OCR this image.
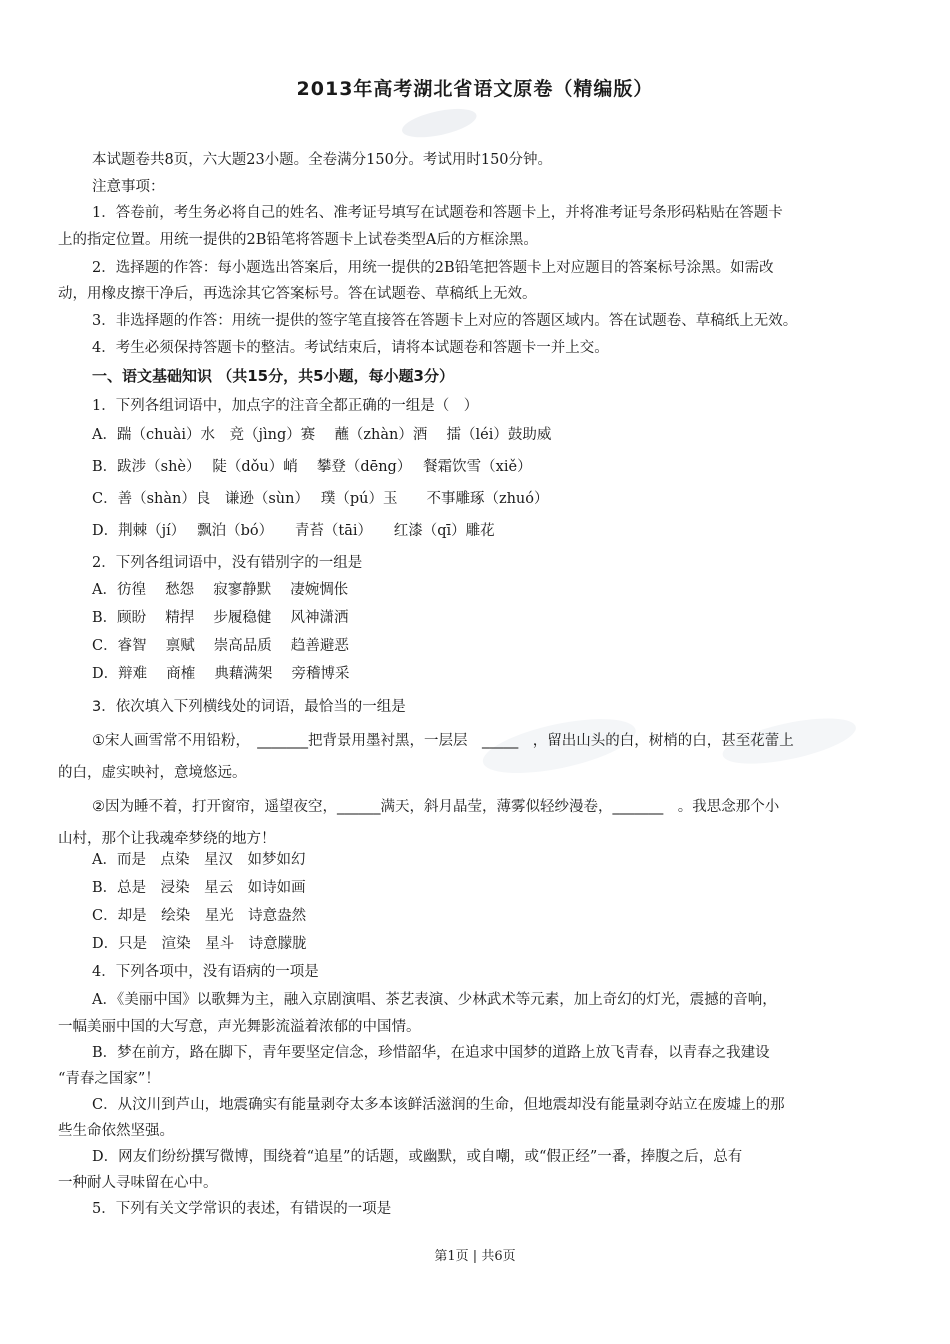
2013年高考湖北省语文原卷（精编版）
本试题卷共8页，六大题23小题。全卷满分150分。考试用时150分钟。
注意事项：
1．答卷前，考生务必将自己的姓名、准考证号填写在试题卷和答题卡上，并将准考证号条形码粘贴在答题卡
上的指定位置。用统一提供的2B铅笔将答题卡上试卷类型A后的方框涂黑。
2．选择题的作答：每小题选出答案后，用统一提供的2B铅笔把答题卡上对应题目的答案标号涂黑。如需改
动，用橡皮擦干净后，再选涂其它答案标号。答在试题卷、草稿纸上无效。
3．非选择题的作答：用统一提供的签字笔直接答在答题卡上对应的答题区域内。答在试题卷、草稿纸上无效。
4．考生必须保持答题卡的整洁。考试结束后，请将本试题卷和答题卡一并上交。
一、语文基础知识 （共15分，共5小题，每小题3分）
1．下列各组词语中，加点字的注音全都正确的一组是（　）
A．踹（chuài）水　竞（jìng）赛　 蘸（zhàn）酒　 擂（léi）鼓助威
B．跋涉（shè）　 陡（dǒu）峭　 攀登（dēng）　 餐霜饮雪（xiě）
C．善（shàn）良　谦逊（sùn）　 璞（pú）玉　　不事雕琢（zhuó）
D．荆棘（jí）　 飘泊（bó）　　青苔（tāi）　　红漆（qī）雕花
2．下列各组词语中，没有错别字的一组是
A．彷徨　 愁怨　 寂寥静默　 凄婉惆伥
B．顾盼　 精捍　 步履稳健　 风神潇洒
C．睿智　 禀赋　 崇高品质　 趋善避恶
D．辩难　 商榷　 典藉满架　 旁稽博采
3．依次填入下列横线处的词语，最恰当的一组是
①宋人画雪常不用铅粉，　_______把背景用墨衬黑，一层层　_____　，留出山头的白，树梢的白，甚至花蕾上
的白，虚实映衬，意境悠远。
②因为睡不着，打开窗帘，遥望夜空，______满天，斜月晶莹，薄雾似轻纱漫卷，_______　。我思念那个小
山村，那个让我魂牵梦绕的地方！
A．而是　点染　星汉　如梦如幻
B．总是　浸染　星云　如诗如画
C．却是　绘染　星光　诗意盎然
D．只是　渲染　星斗　诗意朦胧
4．下列各项中，没有语病的一项是
A．《美丽中国》以歌舞为主，融入京剧演唱、茶艺表演、少林武术等元素，加上奇幻的灯光，震撼的音响，
一幅美丽中国的大写意，声光舞影流溢着浓郁的中国情。
B．梦在前方，路在脚下，青年要坚定信念，珍惜韶华，在追求中国梦的道路上放飞青春，以青春之我建设
“青春之国家”！
C．从汶川到芦山，地震确实有能量剥夺太多本该鲜活滋润的生命，但地震却没有能量剥夺站立在废墟上的那
些生命依然坚强。
D．网友们纷纷撰写微博，围绕着“追星”的话题，或幽默，或自嘲，或“假正经”一番，捧腹之后，总有
一种耐人寻味留在心中。
5．下列有关文学常识的表述，有错误的一项是
第1页 | 共6页
